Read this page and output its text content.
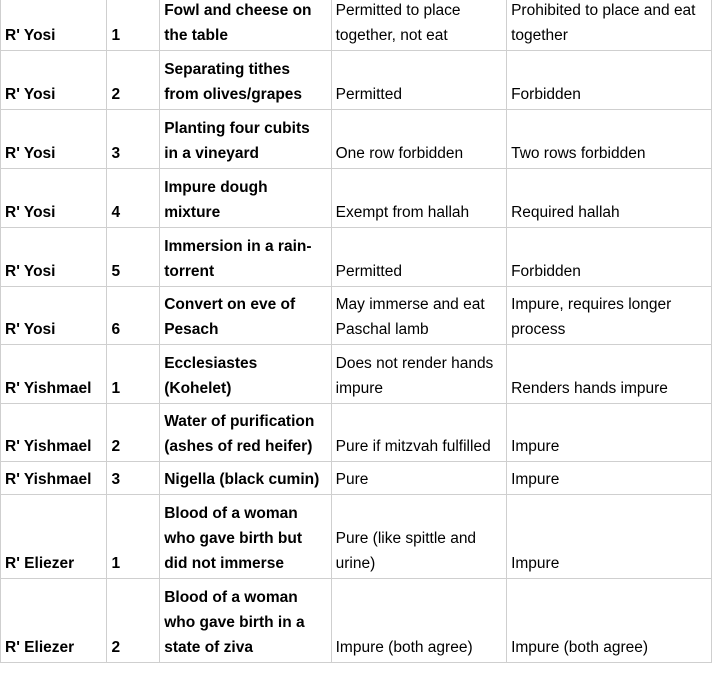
R' Yosi	1	Fowl and cheese on the table	Permitted to place together, not eat	Prohibited to place and eat together
R' Yosi	2	Separating tithes from olives/grapes	Permitted	Forbidden
R' Yosi	3	Planting four cubits in a vineyard	One row forbidden	Two rows forbidden
R' Yosi	4	Impure dough mixture	Exempt from hallah	Required hallah
R' Yosi	5	Immersion in a rain-torrent	Permitted	Forbidden
R' Yosi	6	Convert on eve of Pesach	May immerse and eat Paschal lamb	Impure, requires longer process
R' Yishmael	1	Ecclesiastes (Kohelet)	Does not render hands impure	Renders hands impure
R' Yishmael	2	Water of purification (ashes of red heifer)	Pure if mitzvah fulfilled	Impure
R' Yishmael	3	Nigella (black cumin)	Pure	Impure
R' Eliezer	1	Blood of a woman who gave birth but did not immerse	Pure (like spittle and urine)	Impure
R' Eliezer	2	Blood of a woman who gave birth in a state of ziva	Impure (both agree)	Impure (both agree)
